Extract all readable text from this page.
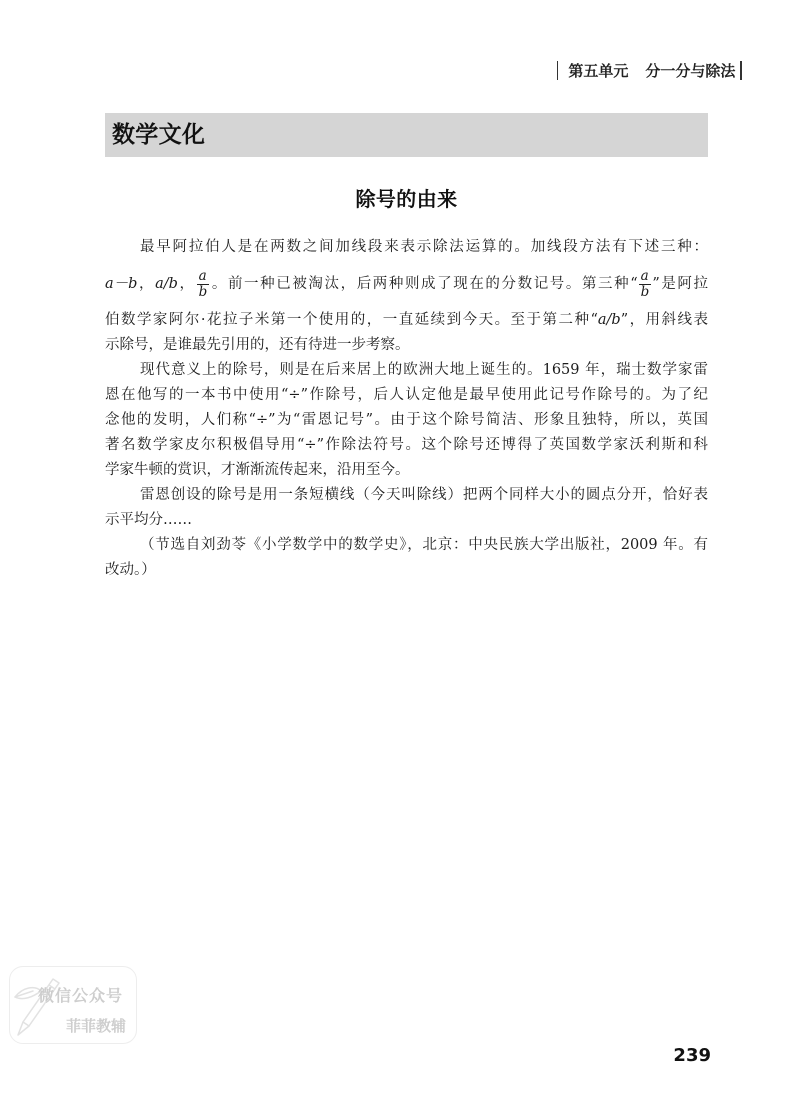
第五单元 分一分与除法
数学文化
除号的由来
最早阿拉伯人是在两数之间加线段来表示除法运算的。加线段方法有下述三种：
a－b，a/b， $\frac{a}{b}$ 。前一种已被淘汰，后两种则成了现在的分数记号。第三种“ $\frac{a}{b}$ ”是阿拉
伯数学家阿尔·花拉子米第一个使用的，一直延续到今天。至于第二种“a/b”，用斜线表
示除号，是谁最先引用的，还有待进一步考察。
现代意义上的除号，则是在后来居上的欧洲大地上诞生的。1659 年，瑞士数学家雷
恩在他写的一本书中使用“÷”作除号，后人认定他是最早使用此记号作除号的。为了纪
念他的发明，人们称“÷”为“雷恩记号”。由于这个除号简洁、形象且独特，所以，英国
著名数学家皮尔积极倡导用“÷”作除法符号。这个除号还博得了英国数学家沃利斯和科
学家牛顿的赏识，才渐渐流传起来，沿用至今。
雷恩创设的除号是用一条短横线（今天叫除线）把两个同样大小的圆点分开，恰好表
示平均分……
（节选自刘劲苓《小学数学中的数学史》，北京：中央民族大学出版社，2009 年。有
改动。）
微信公众号
菲菲教辅
239
